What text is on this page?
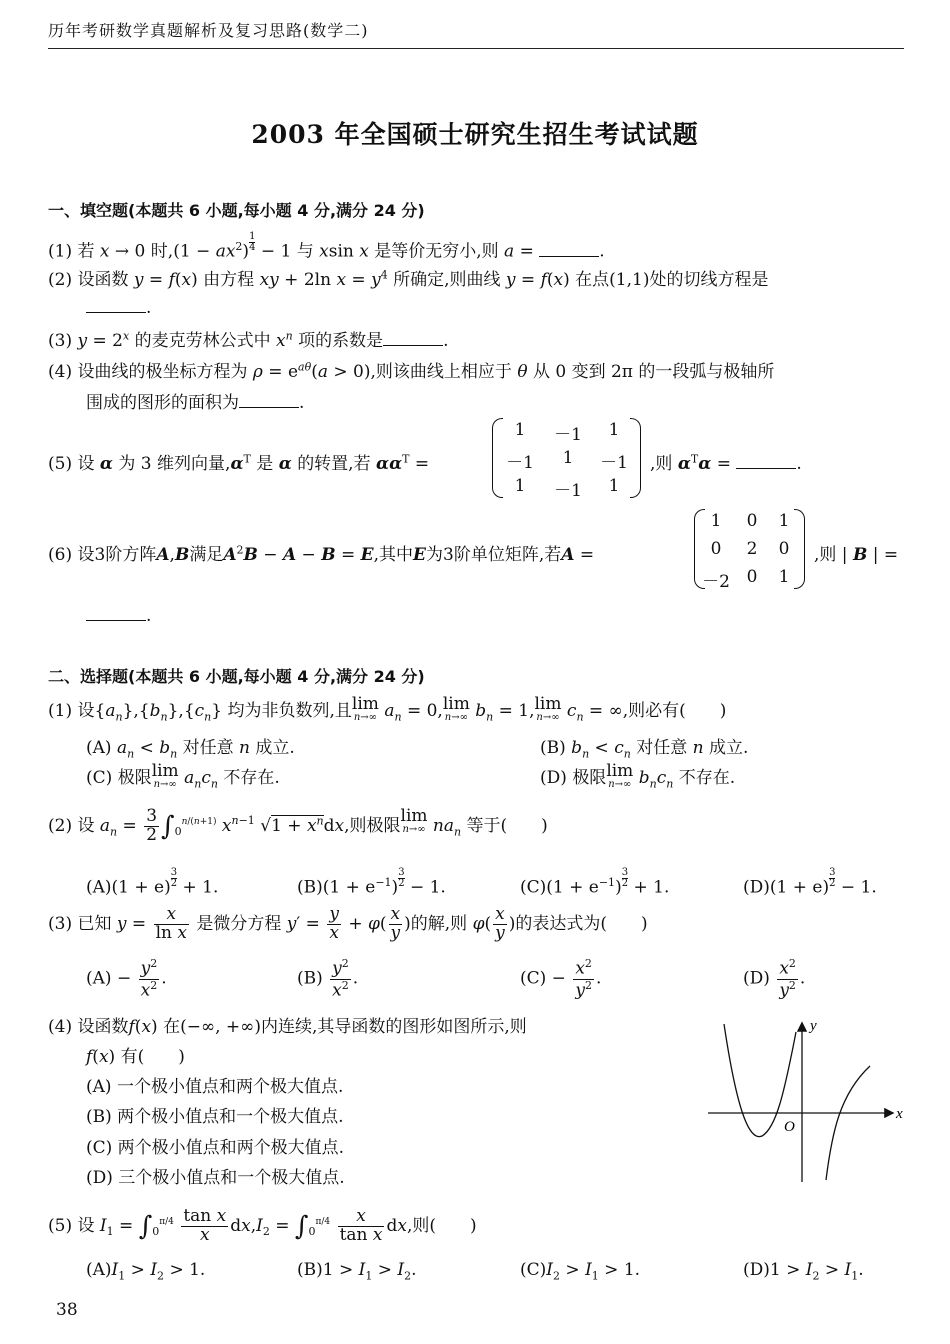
历年考研数学真题解析及复习思路(数学二)
2003 年全国硕士研究生招生考试试题
一、填空题(本题共 6 小题,每小题 4 分,满分 24 分)
(1) 若 x → 0 时$,(1 - ax^2) \frac{1}{4} - 1$ 与 xsin x 是等价无穷小,则 a =	.
(2) 设函数 y = f(x) 由方程 xy + 2ln $x = y^4$ 所确定,则曲线 y = f(x) 在点(1,1)处的切线方程是
.
(3) $y = 2^x$ 的麦克劳林公式中 $x^n$ 项的系数是	.
(4) 设曲线的极坐标方程为 $\rho = e^{a\theta}(a > 0)$,则该曲线上相应于 θ 从 0 变到 2π 的一段弧与极轴所
围成的图形的面积为	.
(5) 设 α 为 3 维列向量$,\alpha^T$ 是 α 的转置,若 $\alpha\alpha^T$ =
1	－1	1
－1	1	－1
1	－1	1
,则 $\alpha^T\alpha$ =	.
(6) 设3阶方阵A,B满足$A^2B - A - B = E$,其中E为3阶单位矩阵,若A =
1	0	1
0	2	0
－2 0	1
,则 | B | =
.
二、选择题(本题共 6 小题,每小题 4 分,满分 24 分)
(1) 设$\{a_n\},\{b_n\},\{c_n\}$ 均为非负数列,且lim
n→∞ $a_n = 0,\lim$
n→∞ $b_n = 1,\lim$
n→∞ $c_n$ = ∞,则必有(　　)
(A) $a_n < b_n$ 对任意 n 成立.	(B) $b_n < c_n$ 对任意 n 成立.
(C) 极限lim
n→∞ $a_nc_n$ 不存在.	(D) 极限lim
n→∞ $b_nc_n$ 不存在.
(2) 设 $a_n = \frac{3}{2} \int_0^{n/(n+1)}$ $x^{n-1}$ $√1 + x^ndx$,则极限lim
n→∞ $na_n$ 等于(　　)
$(A)(1 + e) \frac{3}{2} + 1$.	$(B)(1 + e^{-1}) \frac{3}{2} - 1$.	$(C)(1 + e^{-1}) \frac{3}{2} + 1$.	$(D)(1 + e) \frac{3}{2} - 1$.
(3) 已知 $y = \frac{x}{\text{ln x}}$ 是微分方程 $y' = \frac{y}{x} + \varphi( \frac{x}{y}$ )的解,则 $\varphi( \frac{x}{y}$ )的表达式为(　　)
$(A) - \frac{y^2}{x^2}$ .	$(B) \frac{y^2}{x^2}$ .	$(C) - \frac{x^2}{y^2}$ .	$(D) \frac{x^2}{y^2}$ .
(4) 设函数f(x) 在(−∞, +∞)内连续,其导函数的图形如图所示,则
f(x) 有(　　)
(A) 一个极小值点和两个极大值点.
(B) 两个极小值点和一个极大值点.
(C) 两个极小值点和两个极大值点.
(D) 三个极小值点和一个极大值点.
y
x
O
(5) 设 $I_1 = \int_0^{\pi/4} \frac{\text{tan x}}{x} dx,I_2 = \int_0^{\pi/4} \frac{x}{\text{tan x}}$ dx,则(　　)
$(A)I_1 > I_2 > 1$.	$(B)1 > I_1 > I_2$.	$(C)I_2 > I_1 > 1$.	$(D)1 > I_2 > I_1$.
38
